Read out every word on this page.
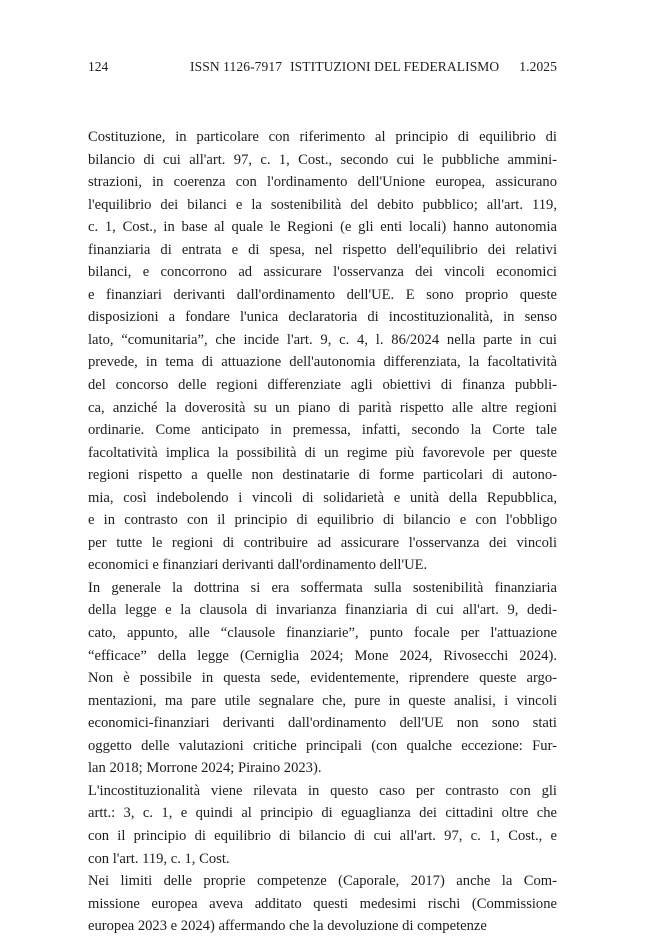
124	ISSN 1126-7917 ISTITUZIONI DEL FEDERALISMO 1.2025
Costituzione, in particolare con riferimento al principio di equilibrio di
bilancio di cui all'art. 97, c. 1, Cost., secondo cui le pubbliche ammini-
strazioni, in coerenza con l'ordinamento dell'Unione europea, assicurano
l'equilibrio dei bilanci e la sostenibilità del debito pubblico; all'art. 119,
c. 1, Cost., in base al quale le Regioni (e gli enti locali) hanno autonomia
finanziaria di entrata e di spesa, nel rispetto dell'equilibrio dei relativi
bilanci, e concorrono ad assicurare l'osservanza dei vincoli economici
e finanziari derivanti dall'ordinamento dell'UE. E sono proprio queste
disposizioni a fondare l'unica declaratoria di incostituzionalità, in senso
lato, “comunitaria”, che incide l'art. 9, c. 4, l. 86/2024 nella parte in cui
prevede, in tema di attuazione dell'autonomia differenziata, la facoltatività
del concorso delle regioni differenziate agli obiettivi di finanza pubbli-
ca, anziché la doverosità su un piano di parità rispetto alle altre regioni
ordinarie. Come anticipato in premessa, infatti, secondo la Corte tale
facoltatività implica la possibilità di un regime più favorevole per queste
regioni rispetto a quelle non destinatarie di forme particolari di autono-
mia, così indebolendo i vincoli di solidarietà e unità della Repubblica,
e in contrasto con il principio di equilibrio di bilancio e con l'obbligo
per tutte le regioni di contribuire ad assicurare l'osservanza dei vincoli
economici e finanziari derivanti dall'ordinamento dell'UE.
In generale la dottrina si era soffermata sulla sostenibilità finanziaria
della legge e la clausola di invarianza finanziaria di cui all'art. 9, dedi-
cato, appunto, alle “clausole finanziarie”, punto focale per l'attuazione
“efficace” della legge (Cerniglia 2024; Mone 2024, Rivosecchi 2024).
Non è possibile in questa sede, evidentemente, riprendere queste argo-
mentazioni, ma pare utile segnalare che, pure in queste analisi, i vincoli
economici-finanziari derivanti dall'ordinamento dell'UE non sono stati
oggetto delle valutazioni critiche principali (con qualche eccezione: Fur-
lan 2018; Morrone 2024; Piraino 2023).
L'incostituzionalità viene rilevata in questo caso per contrasto con gli
artt.: 3, c. 1, e quindi al principio di eguaglianza dei cittadini oltre che
con il principio di equilibrio di bilancio di cui all'art. 97, c. 1, Cost., e
con l'art. 119, c. 1, Cost.
Nei limiti delle proprie competenze (Caporale, 2017) anche la Com-
missione europea aveva additato questi medesimi rischi (Commissione
europea 2023 e 2024) affermando che la devoluzione di competenze
